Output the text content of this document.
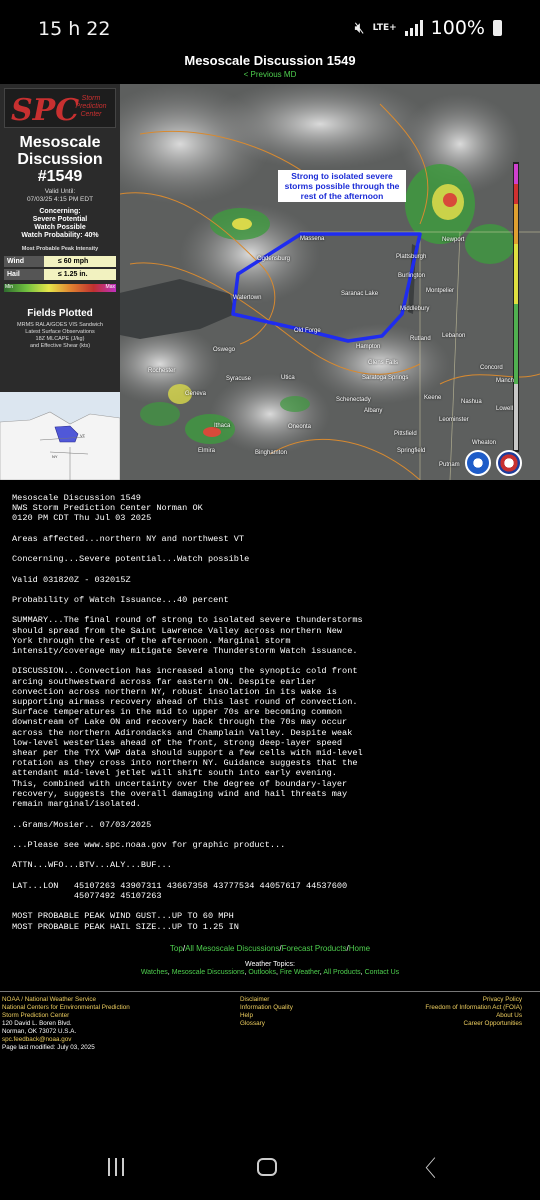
15 h 22	🔇︎ LTE+ 100%
Mesoscale Discussion 1549
< Previous MD
SPC Storm Prediction Center
Mesoscale
Discussion
#1549
Valid Until:
07/03/25 4:15 PM EDT
Concerning:
Severe Potential
Watch Possible
Watch Probability: 40%
Most Probable Peak Intensity
Wind	≤ 60 mph
Hail	≤ 1.25 in.
Min	Max
Fields Plotted
MRMS RALA/GOES VIS Sandwich
Latest Surface Observations
18Z MLCAPE (J/kg)
and Effective Shear (kts)
NY
VT
Strong to isolated severe storms possible through the rest of the afternoon
Massena
Ogdensburg	Plattsburgh
Burlington
Montpelier
Saranac Lake
Watertown
Old Forge
Middlebury
Rutland Lebanon
Newport
Oswego
Rochester
Syracuse	Utica
Hampton
Glens Falls
Saratoga Springs
Concord
Keene
Nashua
Geneva
Ithaca
Schenectady
Albany
Leominster
Oneonta
Pittsfield
Elmira	Binghamton	Springfield
Putnam
Wheaton
Lowell
Manch
Mesoscale Discussion 1549
NWS Storm Prediction Center Norman OK
0120 PM CDT Thu Jul 03 2025

Areas affected...northern NY and northwest VT

Concerning...Severe potential...Watch possible

Valid 031820Z - 032015Z

Probability of Watch Issuance...40 percent

SUMMARY...The final round of strong to isolated severe thunderstorms
should spread from the Saint Lawrence Valley across northern New
York through the rest of the afternoon. Marginal storm
intensity/coverage may mitigate Severe Thunderstorm Watch issuance.

DISCUSSION...Convection has increased along the synoptic cold front
arcing southwestward across far eastern ON. Despite earlier
convection across northern NY, robust insolation in its wake is
supporting airmass recovery ahead of this last round of convection.
Surface temperatures in the mid to upper 70s are becoming common
downstream of Lake ON and recovery back through the 70s may occur
across the northern Adirondacks and Champlain Valley. Despite weak
low-level westerlies ahead of the front, strong deep-layer speed
shear per the TYX VWP data should support a few cells with mid-level
rotation as they cross into northern NY. Guidance suggests that the
attendant mid-level jetlet will shift south into early evening.
This, combined with uncertainty over the degree of boundary-layer
recovery, suggests the overall damaging wind and hail threats may
remain marginal/isolated.

..Grams/Mosier.. 07/03/2025

...Please see www.spc.noaa.gov for graphic product...

ATTN...WFO...BTV...ALY...BUF...

LAT...LON   45107263 43907311 43667358 43777534 44057617 44537600
45077492 45107263

MOST PROBABLE PEAK WIND GUST...UP TO 60 MPH
MOST PROBABLE PEAK HAIL SIZE...UP TO 1.25 IN
Top/All Mesoscale Discussions/Forecast Products/Home
Weather Topics:
Watches, Mesoscale Discussions, Outlooks, Fire Weather, All Products, Contact Us
NOAA / National Weather Service
National Centers for Environmental Prediction
Storm Prediction Center
120 David L. Boren Blvd.
Norman, OK 73072 U.S.A.
spc.feedback@noaa.gov
Page last modified: July 03, 2025
Disclaimer
Information Quality
Help
Glossary
Privacy Policy
Freedom of Information Act (FOIA)
About Us
Career Opportunities
〈
